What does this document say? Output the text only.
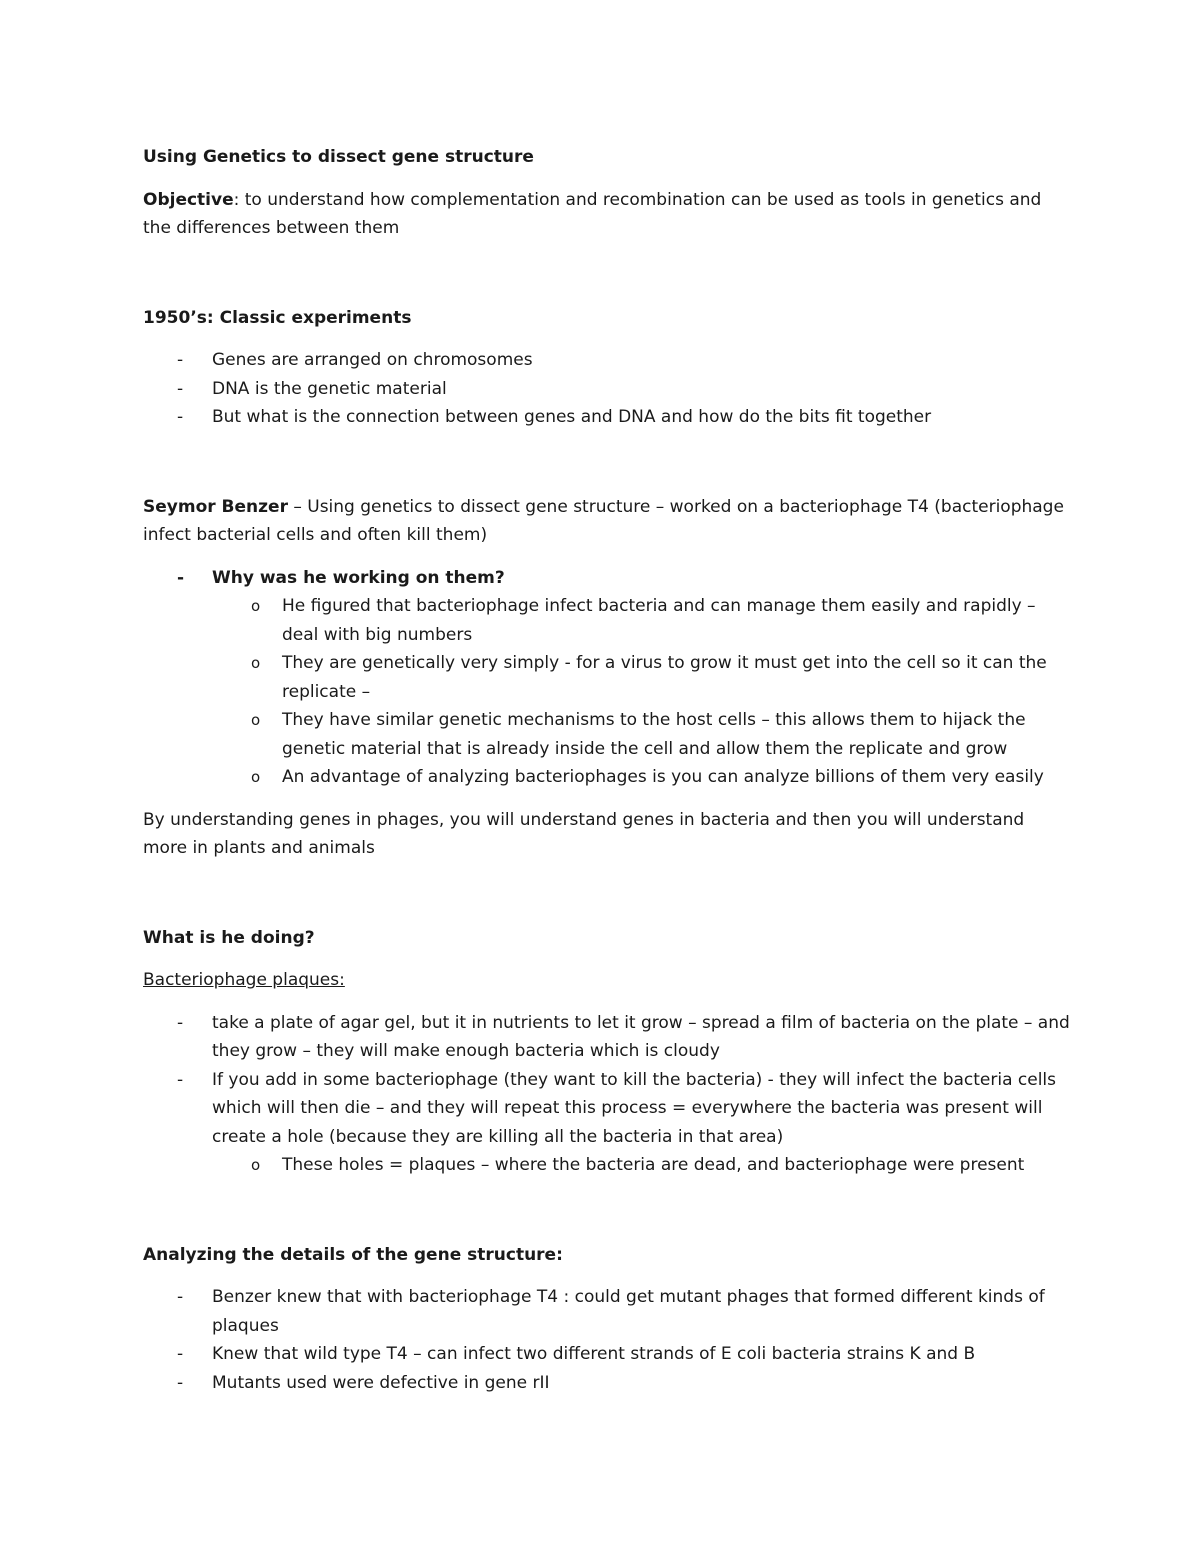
Using Genetics to dissect gene structure

Objective: to understand how complementation and recombination can be used as tools in genetics and the differences between them

1950’s: Classic experiments

- Genes are arranged on chromosomes
- DNA is the genetic material
- But what is the connection between genes and DNA and how do the bits fit together

Seymor Benzer – Using genetics to dissect gene structure – worked on a bacteriophage T4 (bacteriophage infect bacterial cells and often kill them)

- Why was he working on them?
o He figured that bacteriophage infect bacteria and can manage them easily and rapidly – deal with big numbers
o They are genetically very simply - for a virus to grow it must get into the cell so it can the replicate –
o They have similar genetic mechanisms to the host cells – this allows them to hijack the genetic material that is already inside the cell and allow them the replicate and grow
o An advantage of analyzing bacteriophages is you can analyze billions of them very easily

By understanding genes in phages, you will understand genes in bacteria and then you will understand more in plants and animals

What is he doing?

Bacteriophage plaques:

- take a plate of agar gel, but it in nutrients to let it grow – spread a film of bacteria on the plate – and they grow – they will make enough bacteria which is cloudy
- If you add in some bacteriophage (they want to kill the bacteria) - they will infect the bacteria cells which will then die – and they will repeat this process = everywhere the bacteria was present will create a hole (because they are killing all the bacteria in that area)
o These holes = plaques – where the bacteria are dead, and bacteriophage were present

Analyzing the details of the gene structure:

- Benzer knew that with bacteriophage T4 : could get mutant phages that formed different kinds of plaques
- Knew that wild type T4 – can infect two different strands of E coli bacteria strains K and B
- Mutants used were defective in gene rII
